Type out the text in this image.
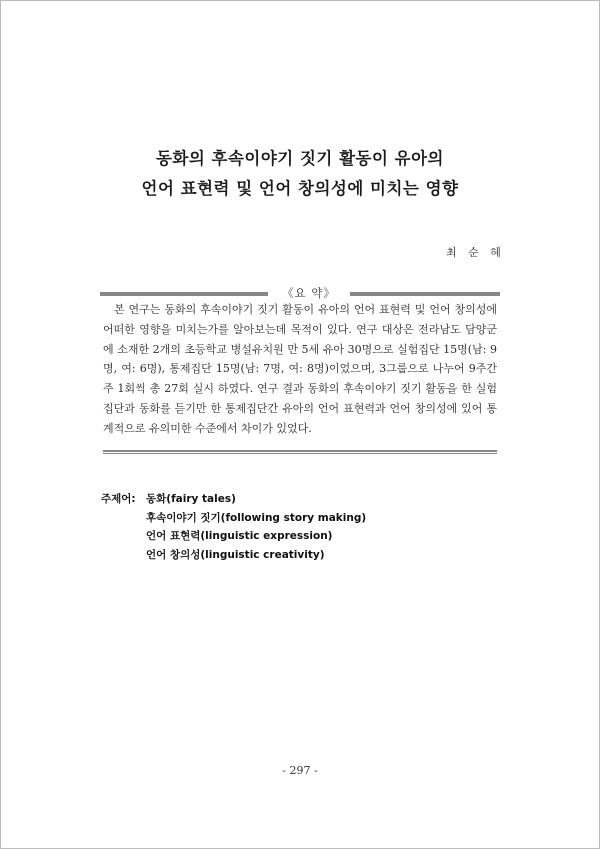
동화의 후속이야기 짓기 활동이 유아의
언어 표현력 및 언어 창의성에 미치는 영향
최 순 혜
《요 약》
본 연구는 동화의 후속이야기 짓기 활동이 유아의 언어 표현력 및 언어 창의성에 어떠한 영향을 미치는가를 알아보는데 목적이 있다. 연구 대상은 전라남도 담양군에 소재한 2개의 초등학교 병설유치원 만 5세 유아 30명으로 실험집단 15명(남: 9명, 여: 6명), 통제집단 15명(남: 7명, 여: 8명)이었으며, 3그룹으로 나누어 9주간 주 1회씩 총 27회 실시 하였다. 연구 결과 동화의 후속이야기 짓기 활동을 한 실험집단과 동화를 듣기만 한 통제집단간 유아의 언어 표현력과 언어 창의성에 있어 통계적으로 유의미한 수준에서 차이가 있었다.
주제어: 동화(fairy tales)
후속이야기 짓기(following story making)
언어 표현력(linguistic expression)
언어 창의성(linguistic creativity)
- 297 -
